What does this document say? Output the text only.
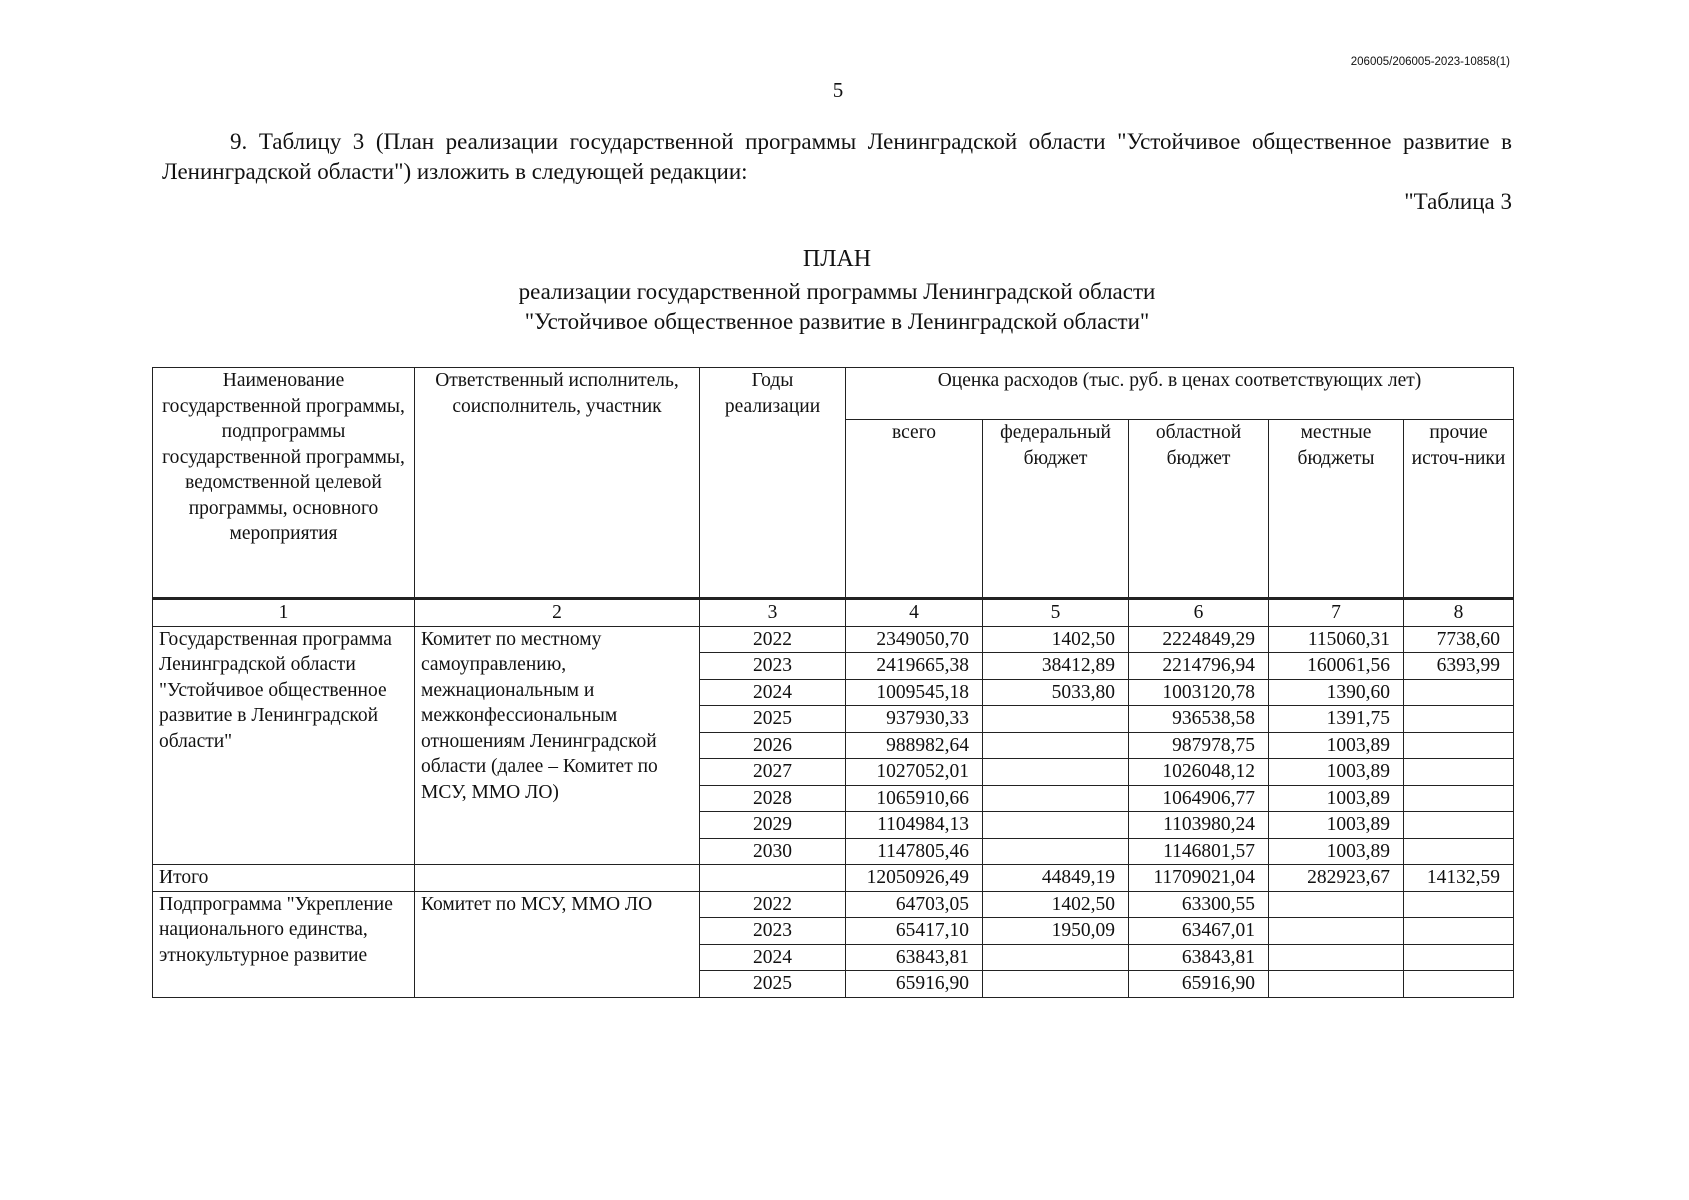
206005/206005-2023-10858(1)
5

9. Таблицу 3 (План реализации государственной программы Ленинградской области "Устойчивое общественное развитие в Ленинградской области") изложить в следующей редакции:

"Таблица 3
ПЛАН
реализации государственной программы Ленинградской области
"Устойчивое общественное развитие в Ленинградской области"
Наименование государственной программы, подпрограммы государственной программы, ведомственной целевой программы, основного мероприятия	Ответственный исполнитель, соисполнитель, участник	Годы реализации	Оценка расходов (тыс. руб. в ценах соответствующих лет)				
			всего	федеральный бюджет	областной бюджет	местные бюджеты	прочие источ-ники
1	2	3	4	5	6	7	8
Государственная программа Ленинградской области "Устойчивое общественное развитие в Ленинградской области"	Комитет по местному самоуправлению, межнациональным и межконфессиональным отношениям Ленинградской области (далее – Комитет по МСУ, ММО ЛО)	2022	2349050,70	1402,50	2224849,29	115060,31	7738,60
		2023	2419665,38	38412,89	2214796,94	160061,56	6393,99
		2024	1009545,18	5033,80	1003120,78	1390,60	
		2025	937930,33		936538,58	1391,75	
		2026	988982,64		987978,75	1003,89	
		2027	1027052,01		1026048,12	1003,89	
		2028	1065910,66		1064906,77	1003,89	
		2029	1104984,13		1103980,24	1003,89	
		2030	1147805,46		1146801,57	1003,89	
Итого			12050926,49	44849,19	11709021,04	282923,67	14132,59
Подпрограмма "Укрепление национального единства, этнокультурное развитие	Комитет по МСУ, ММО ЛО	2022	64703,05	1402,50	63300,55		
		2023	65417,10	1950,09	63467,01		
		2024	63843,81		63843,81		
		2025	65916,90		65916,90		
